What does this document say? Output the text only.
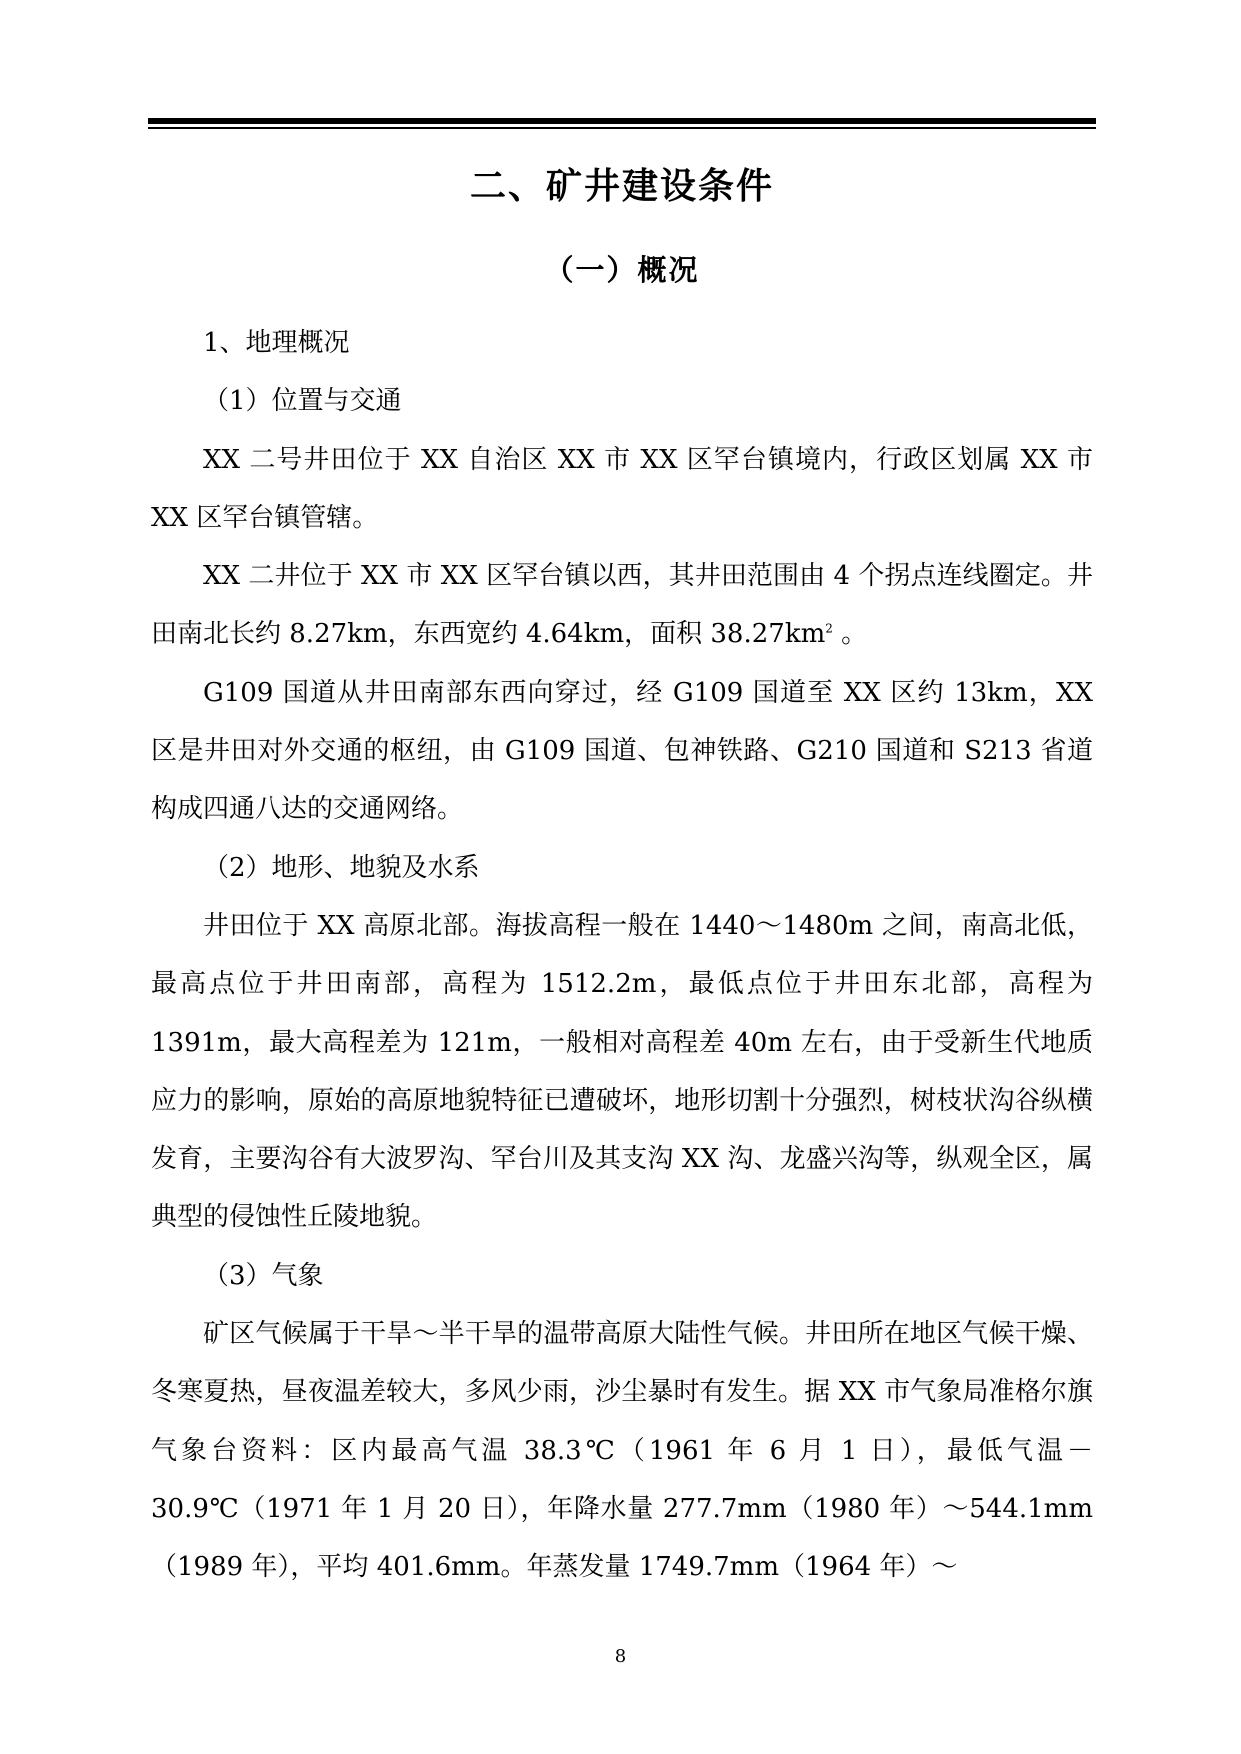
二、矿井建设条件
（一）概况

1、地理概况

（1）位置与交通

XX 二号井田位于 XX 自治区 XX 市 XX 区罕台镇境内，行政区划属 XX 市 XX 区罕台镇管辖。

XX 二井位于 XX 市 XX 区罕台镇以西，其井田范围由 4 个拐点连线圈定。井田南北长约 8.27km，东西宽约 4.64km，面积 $38.27km^2$ 。

G109 国道从井田南部东西向穿过，经 G109 国道至 XX 区约 13km，XX 区是井田对外交通的枢纽，由 G109 国道、包神铁路、G210 国道和 S213 省道构成四通八达的交通网络。

（2）地形、地貌及水系

井田位于 XX 高原北部。海拔高程一般在 1440～1480m 之间，南高北低，最高点位于井田南部，高程为 1512.2m，最低点位于井田东北部，高程为 1391m，最大高程差为 121m，一般相对高程差 40m 左右，由于受新生代地质应力的影响，原始的高原地貌特征已遭破坏，地形切割十分强烈，树枝状沟谷纵横发育，主要沟谷有大波罗沟、罕台川及其支沟 XX 沟、龙盛兴沟等，纵观全区，属典型的侵蚀性丘陵地貌。

（3）气象

矿区气候属于干旱～半干旱的温带高原大陆性气候。井田所在地区气候干燥、冬寒夏热，昼夜温差较大，多风少雨，沙尘暴时有发生。据 XX 市气象局准格尔旗气象台资料：区内最高气温 38.3℃（1961 年 6 月 1 日），最低气温－30.9℃（1971 年 1 月 20 日），年降水量 277.7mm（1980 年）～544.1mm（1989 年），平均 401.6mm。年蒸发量 1749.7mm（1964 年）～

8
